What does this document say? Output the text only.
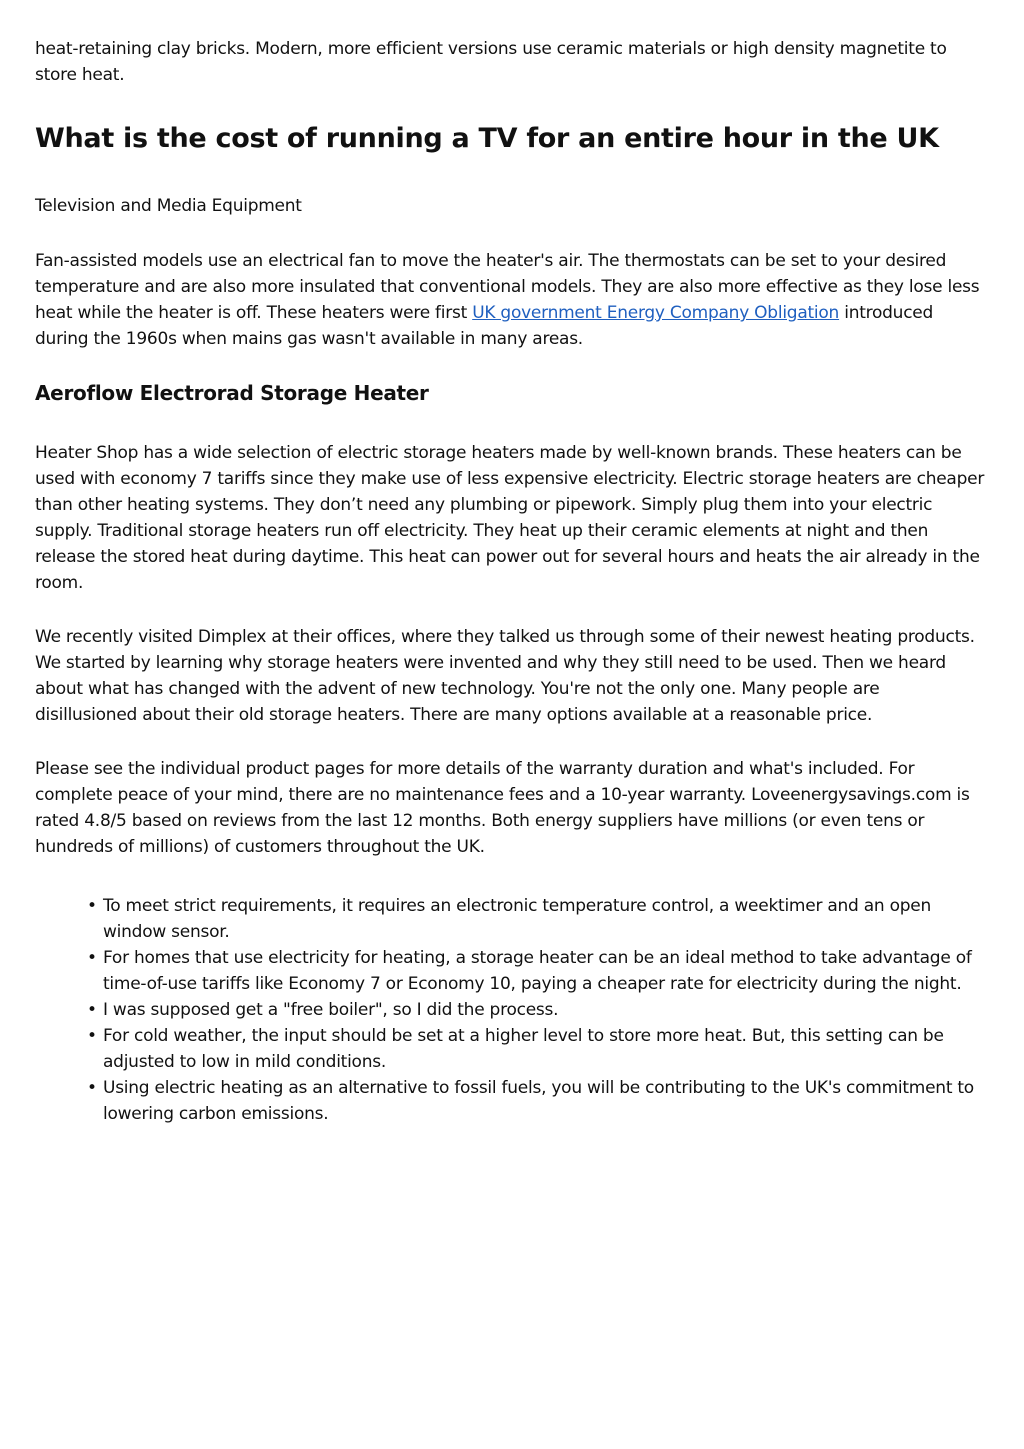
heat-retaining clay bricks. Modern, more efficient versions use ceramic materials or high density magnetite to store heat.

What is the cost of running a TV for an entire hour in the UK

Television and Media Equipment

Fan-assisted models use an electrical fan to move the heater's air. The thermostats can be set to your desired temperature and are also more insulated that conventional models. They are also more effective as they lose less heat while the heater is off. These heaters were first UK government Energy Company Obligation introduced during the 1960s when mains gas wasn't available in many areas.

Aeroflow Electrorad Storage Heater

Heater Shop has a wide selection of electric storage heaters made by well-known brands. These heaters can be used with economy 7 tariffs since they make use of less expensive electricity. Electric storage heaters are cheaper than other heating systems. They don’t need any plumbing or pipework. Simply plug them into your electric supply. Traditional storage heaters run off electricity. They heat up their ceramic elements at night and then release the stored heat during daytime. This heat can power out for several hours and heats the air already in the room.

We recently visited Dimplex at their offices, where they talked us through some of their newest heating products. We started by learning why storage heaters were invented and why they still need to be used. Then we heard about what has changed with the advent of new technology. You're not the only one. Many people are disillusioned about their old storage heaters. There are many options available at a reasonable price.

Please see the individual product pages for more details of the warranty duration and what's included. For complete peace of your mind, there are no maintenance fees and a 10-year warranty. Loveenergysavings.com is rated 4.8/5 based on reviews from the last 12 months. Both energy suppliers have millions (or even tens or hundreds of millions) of customers throughout the UK.

• To meet strict requirements, it requires an electronic temperature control, a weektimer and an open window sensor.
• For homes that use electricity for heating, a storage heater can be an ideal method to take advantage of time-of-use tariffs like Economy 7 or Economy 10, paying a cheaper rate for electricity during the night.
• I was supposed get a "free boiler", so I did the process.
• For cold weather, the input should be set at a higher level to store more heat. But, this setting can be adjusted to low in mild conditions.
• Using electric heating as an alternative to fossil fuels, you will be contributing to the UK's commitment to lowering carbon emissions.
